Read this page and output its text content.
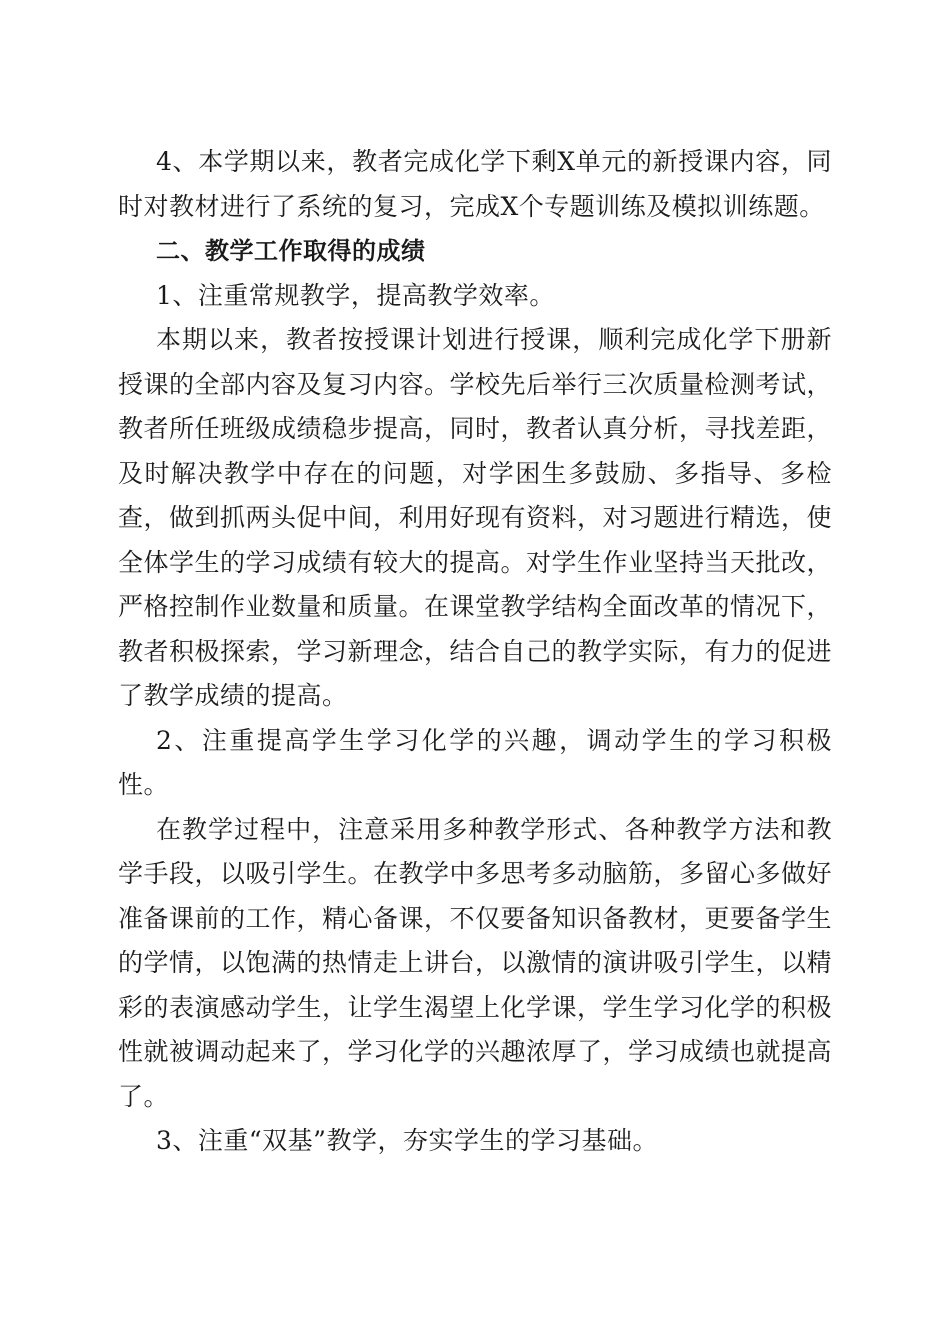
4、本学期以来，教者完成化学下剩X单元的新授课内容，同时对教材进行了系统的复习，完成X个专题训练及模拟训练题。

二、教学工作取得的成绩

1、注重常规教学，提高教学效率。

本期以来，教者按授课计划进行授课，顺利完成化学下册新授课的全部内容及复习内容。学校先后举行三次质量检测考试，教者所任班级成绩稳步提高，同时，教者认真分析，寻找差距，及时解决教学中存在的问题，对学困生多鼓励、多指导、多检查，做到抓两头促中间，利用好现有资料，对习题进行精选，使全体学生的学习成绩有较大的提高。对学生作业坚持当天批改，严格控制作业数量和质量。在课堂教学结构全面改革的情况下，教者积极探索，学习新理念，结合自己的教学实际，有力的促进了教学成绩的提高。

2、注重提高学生学习化学的兴趣，调动学生的学习积极性。

在教学过程中，注意采用多种教学形式、各种教学方法和教学手段，以吸引学生。在教学中多思考多动脑筋，多留心多做好准备课前的工作，精心备课，不仅要备知识备教材，更要备学生的学情，以饱满的热情走上讲台，以激情的演讲吸引学生，以精彩的表演感动学生，让学生渴望上化学课，学生学习化学的积极性就被调动起来了，学习化学的兴趣浓厚了，学习成绩也就提高了。

3、注重“双基”教学，夯实学生的学习基础。
